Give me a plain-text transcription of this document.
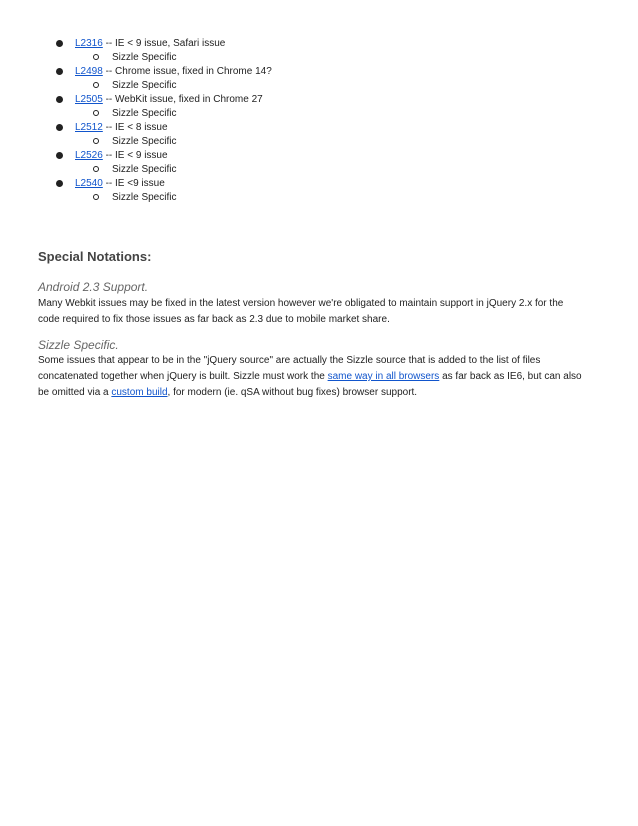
L2316 -- IE < 9 issue, Safari issue
Sizzle Specific
L2498 -- Chrome issue, fixed in Chrome 14?
Sizzle Specific
L2505 -- WebKit issue, fixed in Chrome 27
Sizzle Specific
L2512 -- IE < 8 issue
Sizzle Specific
L2526 -- IE < 9 issue
Sizzle Specific
L2540 -- IE <9 issue
Sizzle Specific
Special Notations:
Android 2.3 Support.

Many Webkit issues may be fixed in the latest version however we're obligated to maintain support in jQuery 2.x for the
code required to fix those issues as far back as 2.3 due to mobile market share.

Sizzle Specific.

Some issues that appear to be in the "jQuery source" are actually the Sizzle source that is added to the list of files
concatenated together when jQuery is built. Sizzle must work the same way in all browsers as far back as IE6, but can also
be omitted via a custom build, for modern (ie. qSA without bug fixes) browser support.
